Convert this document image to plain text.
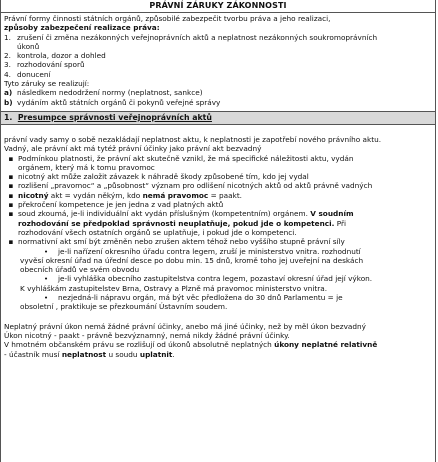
PRÁVNÍ ZÁRUKY ZÁKONNOSTI
Právní formy činnosti státních orgánů, způsobilé zabezpečit tvorbu práva a jeho realizaci,
způsoby zabezpečení realizace práva:
1. zrušení či změna nezákonných veřejnoprávních aktů a neplatnost nezákonných soukromoprávních
úkonů
2. kontrola, dozor a dohled
3. rozhodování sporů
4. donucení
Tyto záruky se realizují:
a) následkem nedodržení normy (neplatnost, sankce)
b) vydáním aktů státních orgánů či pokynů veřejné správy
1. Presumpce správnosti veřejnoprávních aktů
právní vady samy o sobě nezakládají neplatnost aktu, k neplatnosti je zapotřebí nového právního aktu.
Vadný, ale právní akt má tytéž právní účinky jako právní akt bezvadný
▪ Podmínkou platnosti, že právní akt skutečně vznikl, že má specifické náležitosti aktu, vydán
orgánem, který má k tomu pravomoc
▪ nicotný akt může založit závazek k náhradě škody způsobené tím, kdo jej vydal
▪ rozlišení „pravomoc“ a „působnost“ význam pro odlišení nicotných aktů od aktů právně vadných
▪ nicotný akt = vydán někým, kdo nemá pravomoc = paakt.
▪ překročení kompetence je jen jedna z vad platných aktů
▪ soud zkoumá, je-li individuální akt vydán příslušným (kompetentním) orgánem. V soudním
rozhodování se předpoklad správnosti neuplatňuje, pokud jde o kompetenci. Při
rozhodování všech ostatních orgánů se uplatňuje, i pokud jde o kompetenci.
▪ normativní akt smí být změněn nebo zrušen aktem téhož nebo vyššího stupně právní síly
•	je-li nařízení okresního úřadu contra legem, zruší je ministerstvo vnitra. rozhodnutí
vyvěsí okresní úřad na úřední desce po dobu min. 15 dnů, kromě toho jej uveřejní na deskách
obecních úřadů ve svém obvodu
•	je-li vyhláška obecního zastupitelstva contra legem, pozastaví okresní úřad její výkon.
K vyhláškám zastupitelstev Brna, Ostravy a Plzně má pravomoc ministerstvo vnitra.
•	nezjedná-li nápravu orgán, má být věc předložena do 30 dnů Parlamentu = je
obsoletní , praktikuje se přezkoumání Ústavním soudem.
Neplatný právní úkon nemá žádné právní účinky, anebo má jiné účinky, než by měl úkon bezvadný
Úkon nicotný - paakt - právně bezvýznamný, nemá nikdy žádné právní účinky.
V hmotném občanském právu se rozlišují od úkonů absolutně neplatných úkony neplatné relativně
- účastník musí neplatnost u soudu uplatnit.
